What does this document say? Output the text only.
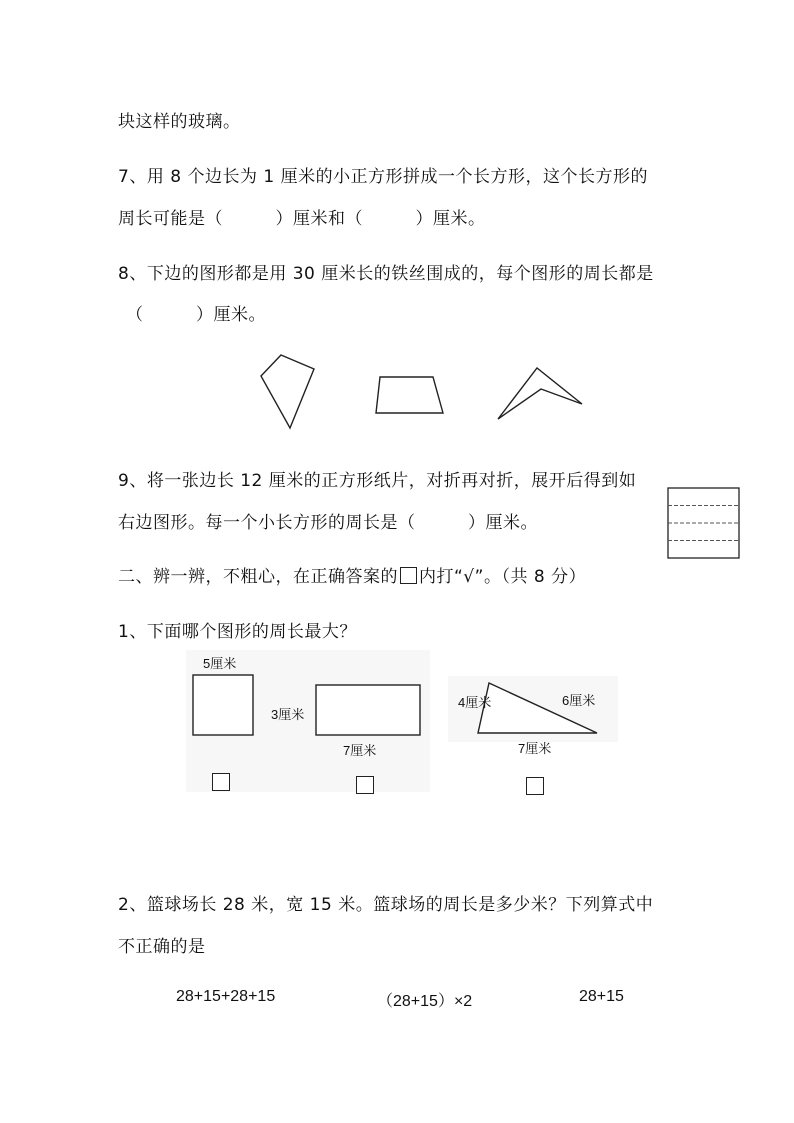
块这样的玻璃。
7、用 8 个边长为 1 厘米的小正方形拼成一个长方形，这个长方形的
周长可能是（　　　）厘米和（　　　）厘米。
8、下边的图形都是用 30 厘米长的铁丝围成的，每个图形的周长都是
（　　　）厘米。
9、将一张边长 12 厘米的正方形纸片，对折再对折，展开后得到如
右边图形。每一个小长方形的周长是（　　　）厘米。
二、辨一辨，不粗心，在正确答案的 内打“√”。（共 8 分）
1、下面哪个图形的周长最大？
5厘米
3厘米
7厘米
4厘米	6厘米
7厘米
2、篮球场长 28 米，宽 15 米。篮球场的周长是多少米？下列算式中
不正确的是
28+15+28+15	（28+15）×2	28+15
